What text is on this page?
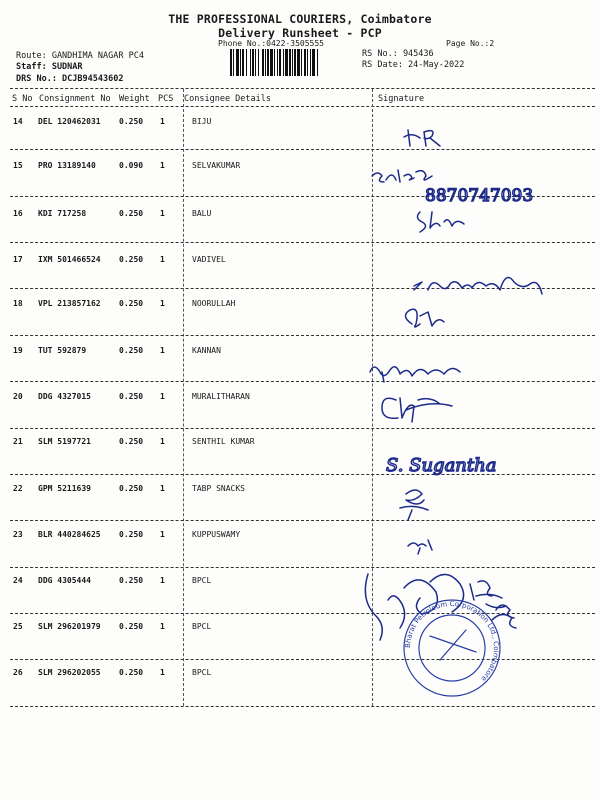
THE PROFESSIONAL COURIERS, Coimbatore
Delivery Runsheet - PCP
Phone No.:0422-3505555	Page No.:2
Route: GANDHIMA NAGAR PC4
Staff: SUDNAR
DRS No.: DCJB94543602
RS No.: 945436
RS Date: 24-May-2022
S No Consignment No Weight PCS Consignee Details	Signature
14 DEL 120462031 0.250 1	BIJU
15 PRO 13189140	0.090 1	SELVAKUMAR
16 KDI 717258	0.250 1	BALU
17 IXM 501466524 0.250 1	VADIVEL
18 VPL 213857162 0.250 1	NOORULLAH
19 TUT 592879	0.250 1	KANNAN
20 DDG 4327015	0.250 1	MURALITHARAN
21 SLM 5197721	0.250 1	SENTHIL KUMAR
22 GPM 5211639	0.250 1	TABP SNACKS
23 BLR 440284625 0.250 1	KUPPUSWAMY
24 DDG 4305444	0.250 1	BPCL
25 SLM 296201979 0.250 1	BPCL
26 SLM 296202055 0.250 1	BPCL
8870747093
S. Sugantha
Bharat Petroleum Corporation Ltd., Coimbatore
